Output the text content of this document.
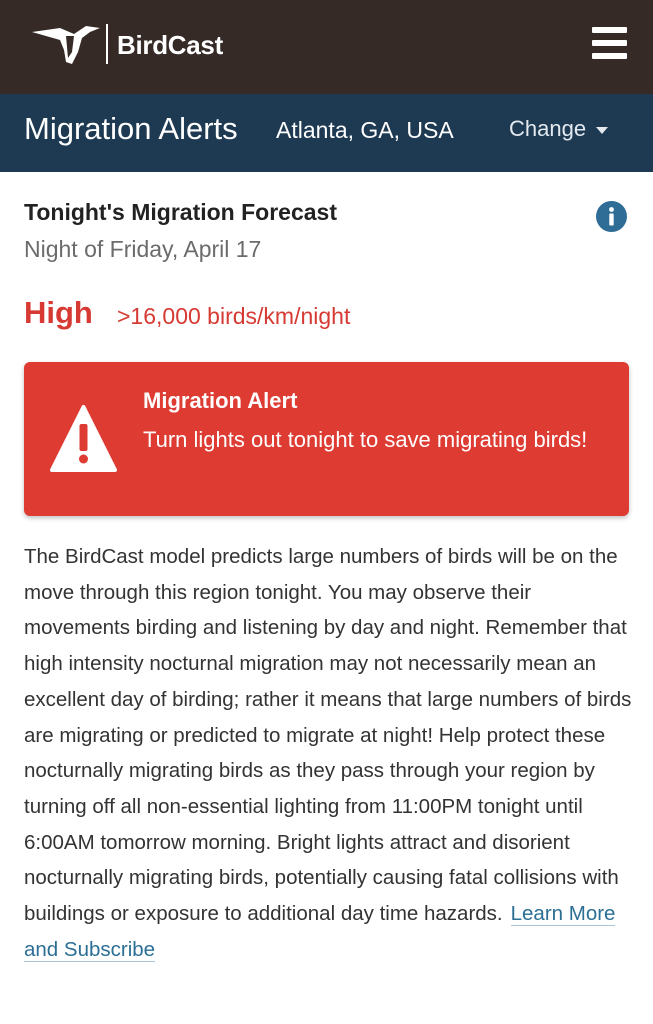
BirdCast
Migration Alerts Atlanta, GA, USA	Change
Tonight's Migration Forecast
Night of Friday, April 17
High >16,000 birds/km/night
Migration Alert
Turn lights out tonight to save migrating birds!

The BirdCast model predicts large numbers of birds will be on the move through this region tonight. You may observe their movements birding and listening by day and night. Remember that high intensity nocturnal migration may not necessarily mean an excellent day of birding; rather it means that large numbers of birds are migrating or predicted to migrate at night! Help protect these nocturnally migrating birds as they pass through your region by turning off all non-essential lighting from 11:00PM tonight until 6:00AM tomorrow morning. Bright lights attract and disorient nocturnally migrating birds, potentially causing fatal collisions with buildings or exposure to additional day time hazards. Learn More and Subscribe
